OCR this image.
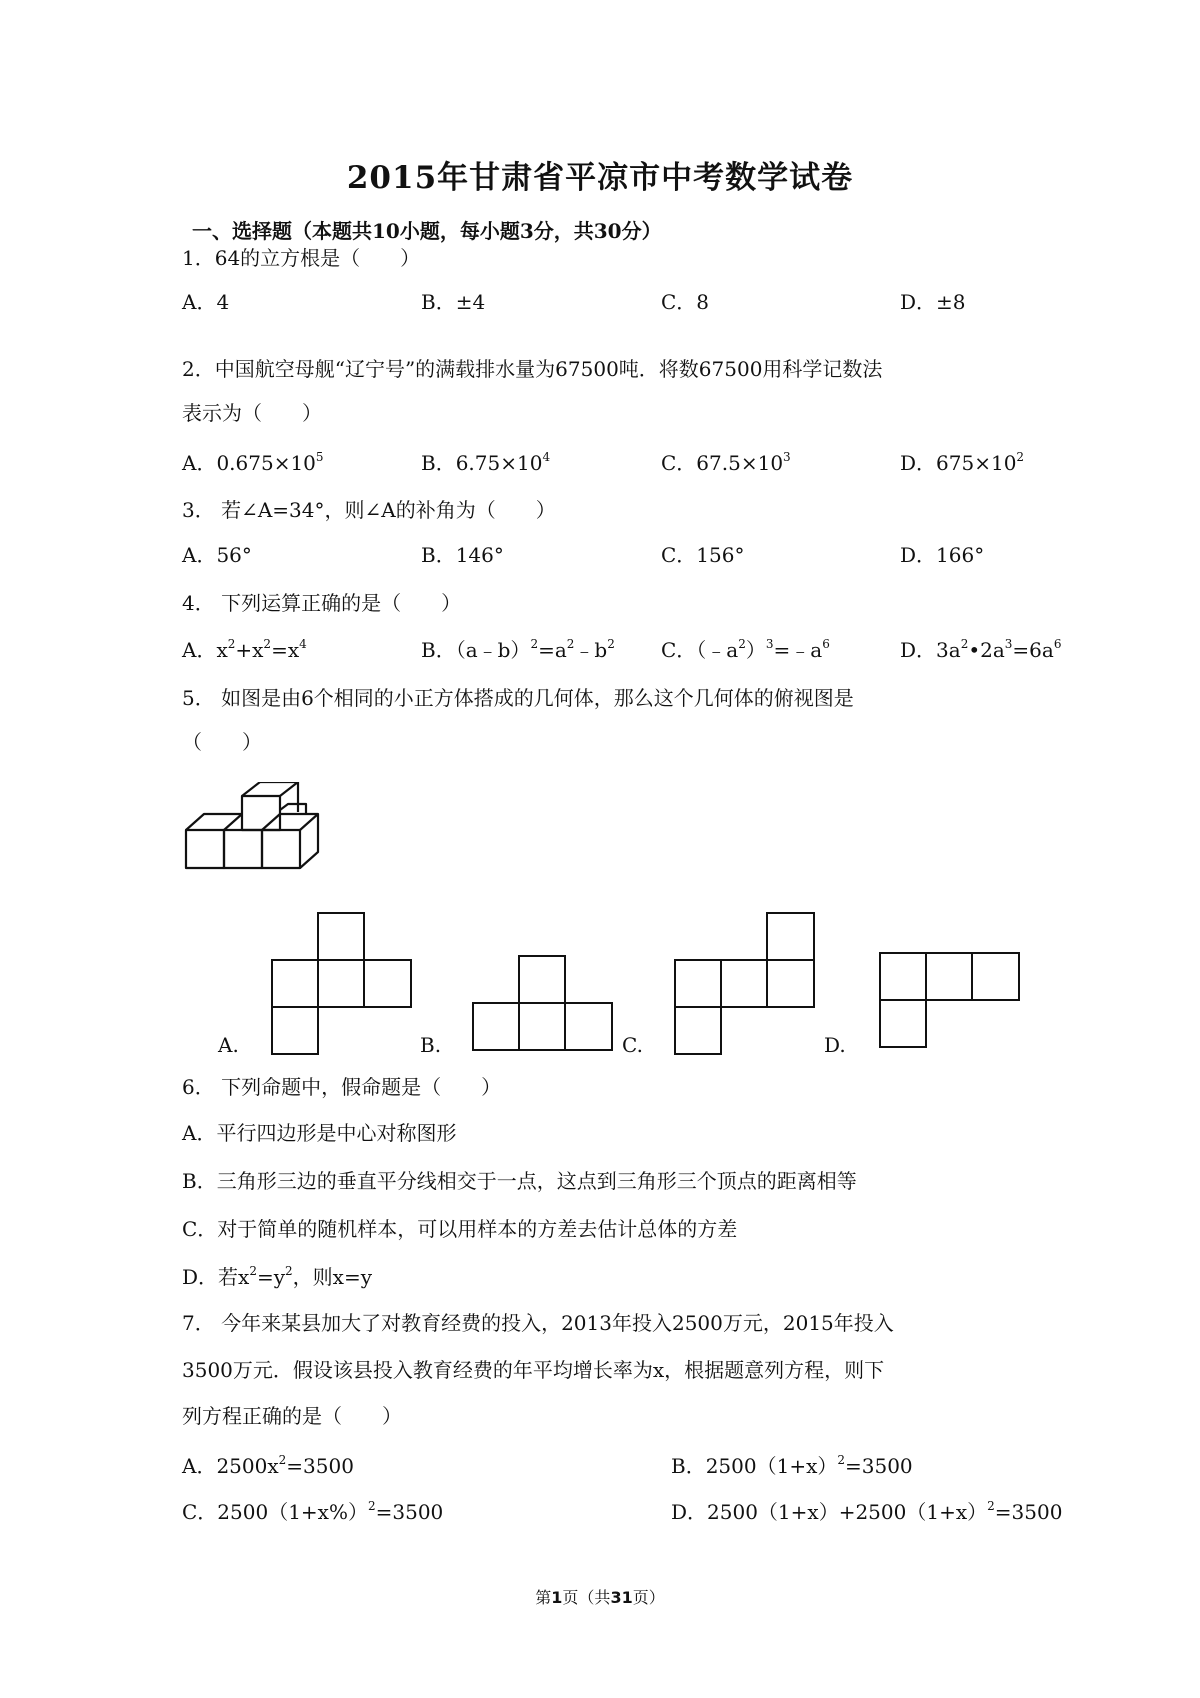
2015年甘肃省平凉市中考数学试卷
一、选择题（本题共10小题，每小题3分，共30分）
1．64的立方根是（　　）
A．4	B．±4	C．8	D．±8
2．中国航空母舰“辽宁号”的满载排水量为67500吨．将数67500用科学记数法
表示为（　　）
A．$0.675\times 10^5$	B．$6.75\times 10^4$	C．$67.5\times 10^3$	D．$675\times 10^2$
3． 若∠A=34°，则∠A的补角为（　　）
A．56°	B．146°	C．156°	D．166°
4． 下列运算正确的是（　　）
A．$x^2+x^2=x^4$	B．$(a﹣b)^2=a^2﹣b^2$ C．$(﹣a^2)^3=﹣a^6$	D．$3a^2•2a^3=6a^6$
5． 如图是由6个相同的小正方体搭成的几何体，那么这个几何体的俯视图是
（　　）
A.	B.	C.	D.
6． 下列命题中，假命题是（　　）
A．平行四边形是中心对称图形
B．三角形三边的垂直平分线相交于一点，这点到三角形三个顶点的距离相等
C．对于简单的随机样本，可以用样本的方差去估计总体的方差
D．若$x^2=y^2$，则x=y
7． 今年来某县加大了对教育经费的投入，2013年投入2500万元，2015年投入
3500万元．假设该县投入教育经费的年平均增长率为x，根据题意列方程，则下
列方程正确的是（　　）
A．$2500x^2=3500$	B．$2500(1+x)^2=3500$
C．$2500(1+x\%)^2=3500$	D．$2500(1+x)+2500(1+x)^2=3500$
第1页（共31页）
